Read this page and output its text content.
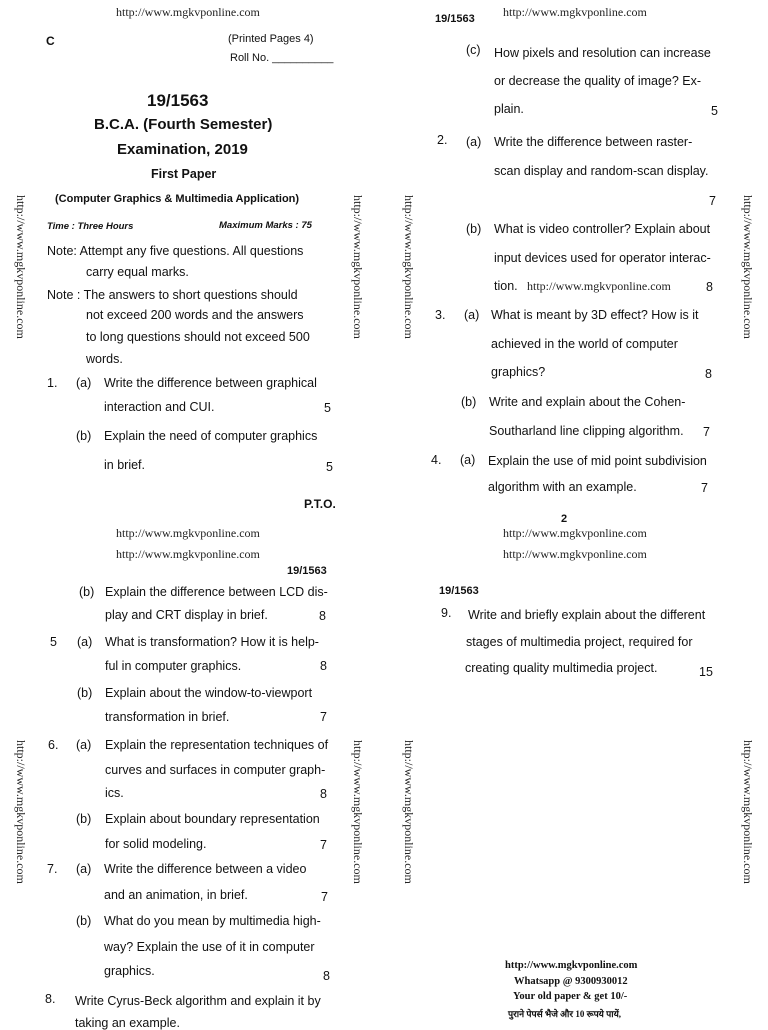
http://www.mgkvponline.com	http://www.mgkvponline.com
http://www.mgkvponline.com	http://www.mgkvponline.com
http://www.mgkvponline.com	http://www.mgkvponline.com
http://www.mgkvponline.com	http://www.mgkvponline.com	http://www.mgkvponline.com	http://www.mgkvponline.com
http://www.mgkvponline.com	http://www.mgkvponline.com	http://www.mgkvponline.com	http://www.mgkvponline.com
C	(Printed Pages 4)
Roll No. __________
19/1563
B.C.A. (Fourth Semester)
Examination, 2019
First Paper
(Computer Graphics & Multimedia Application)
Time : Three Hours	Maximum Marks : 75
Note: Attempt any five questions. All questions
carry equal marks.
Note : The answers to short questions should
not exceed 200 words and the answers
to long questions should not exceed 500
words.
1. (a) Write the difference between graphical
interaction and CUI.	5
(b) Explain the need of computer graphics
in brief.	5
P.T.O.
19/1563
(c) How pixels and resolution can increase
or decrease the quality of image? Ex-
plain.	5
2. (a) Write the difference between raster-
scan display and random-scan display.
7
(b) What is video controller? Explain about
input devices used for operator interac-
tion. http://www.mgkvponline.com	8
3. (a) What is meant by 3D effect? How is it
achieved in the world of computer
graphics?	8
(b) Write and explain about the Cohen-
Southarland line clipping algorithm. 7
4. (a) Explain the use of mid point subdivision
algorithm with an example.	7
2
19/1563
(b) Explain the difference between LCD dis-
play and CRT display in brief.	8
5 (a) What is transformation? How it is help-
ful in computer graphics.	8
(b) Explain about the window-to-viewport
transformation in brief.	7
6. (a) Explain the representation techniques of
curves and surfaces in computer graph-
ics.	8
(b) Explain about boundary representation
for solid modeling.	7
7. (a) Write the difference between a video
and an animation, in brief.	7
(b) What do you mean by multimedia high-
way? Explain the use of it in computer
graphics.	8
8. Write Cyrus-Beck algorithm and explain it by
taking an example.
19/1563
9. Write and briefly explain about the different
stages of multimedia project, required for
creating quality multimedia project.	15
http://www.mgkvponline.com
Whatsapp @ 9300930012
Your old paper & get 10/-
पुराने पेपर्स भैजे और 10 रूपये पायें,
